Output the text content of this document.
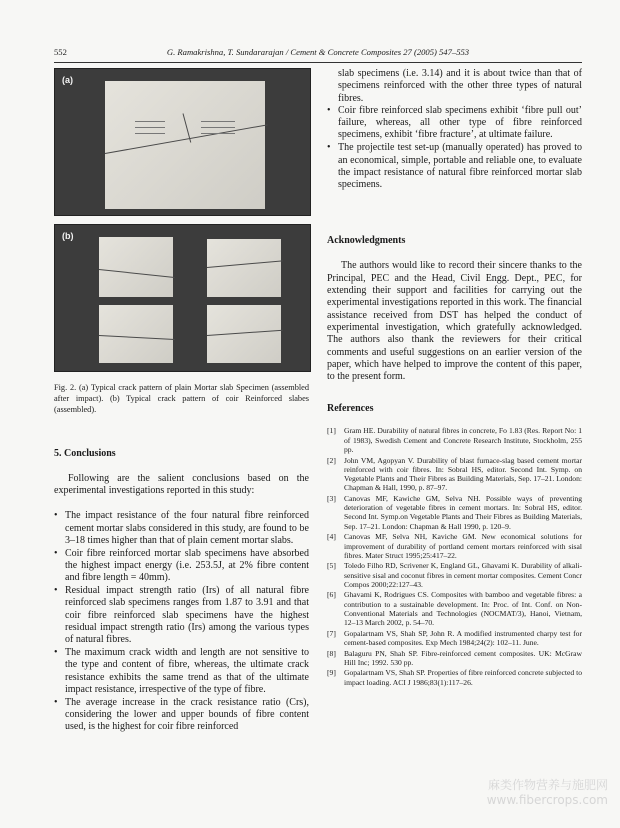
552	G. Ramakrishna, T. Sundararajan / Cement & Concrete Composites 27 (2005) 547–553
(a)
(b)
Fig. 2. (a) Typical crack pattern of plain Mortar slab Specimen (assembled after impact). (b) Typical crack pattern of coir Reinforced slabes (assembled).
5. Conclusions

Following are the salient conclusions based on the experimental investigations reported in this study:

• The impact resistance of the four natural fibre reinforced cement mortar slabs considered in this study, are found to be 3–18 times higher than that of plain cement mortar slabs.
• Coir fibre reinforced mortar slab specimens have absorbed the highest impact energy (i.e. 253.5J, at 2% fibre content and fibre length = 40mm).
• Residual impact strength ratio (Irs) of all natural fibre reinforced slab specimens ranges from 1.87 to 3.91 and that coir fibre reinforced slab specimens have the highest residual impact strength ratio (Irs) among the various types of natural fibres.
• The maximum crack width and length are not sensitive to the type and content of fibre, whereas, the ultimate crack resistance exhibits the same trend as that of the ultimate impact resistance, irrespective of the type of fibre.
• The average increase in the crack resistance ratio (Crs), considering the lower and upper bounds of fibre content used, is the highest for coir fibre reinforced
slab specimens (i.e. 3.14) and it is about twice than that of specimens reinforced with the other three types of natural fibres.
• Coir fibre reinforced slab specimens exhibit ‘fibre pull out’ failure, whereas, all other type of fibre reinforced specimens, exhibit ‘fibre fracture’, at ultimate failure.
• The projectile test set-up (manually operated) has proved to an economical, simple, portable and reliable one, to evaluate the impact resistance of natural fibre reinforced mortar slab specimens.
Acknowledgments

The authors would like to record their sincere thanks to the Principal, PEC and the Head, Civil Engg. Dept., PEC, for extending their support and facilities for carrying out the experimental investigations reported in this work. The financial assistance received from DST has helped the conduct of experimental investigation, which gratefully acknowledged. The authors also thank the reviewers for their critical comments and useful suggestions on an earlier version of the paper, which have helped to improve the content of this paper, to the present form.

References
[1] Gram HE. Durability of natural fibres in concrete, Fo 1.83 (Res. Report No: 1 of 1983), Swedish Cement and Concrete Research Institute, Stockholm, 255 pp.
[2] John VM, Agopyan V. Durability of blast furnace-slag based cement mortar reinforced with coir fibres. In: Sobral HS, editor. Second Int. Symp. on Vegetable Plants and Their Fibres as Building Materials, Sep. 17–21. London: Chapman & Hall, 1990, p. 87–97.
[3] Canovas MF, Kawiche GM, Selva NH. Possible ways of preventing deterioration of vegetable fibres in cement mortars. In: Sobral HS, editor. Second Int. Symp.on Vegetable Plants and Their Fibres as Building Materials, Sep. 17–21. London: Chapman & Hall 1990, p. 120–9.
[4] Canovas MF, Selva NH, Kaviche GM. New economical solutions for improvement of durability of portland cement mortars reinforced with sisal fibres. Mater Struct 1995;25:417–22.
[5] Toledo Filho RD, Scrivener K, England GL, Ghavami K. Durability of alkali-sensitive sisal and coconut fibres in cement mortar composites. Cement Concr Compos 2000;22:127–43.
[6] Ghavami K, Rodrigues CS. Composites with bamboo and vegetable fibres: a contribution to a sustainable development. In: Proc. of Int. Conf. on Non-Conventional Materials and Technologies (NOCMAT/3), Hanoi, Vietnam, 12–13 March 2002, p. 54–70.
[7] Gopalartnam VS, Shah SP, John R. A modified instrumented charpy test for cement-based composites. Exp Mech 1984;24(2): 102–11. June.
[8] Balaguru PN, Shah SP. Fibre-reinforced cement composites. UK: McGraw Hill Inc; 1992. 530 pp.
[9] Gopalartnam VS, Shah SP. Properties of fibre reinforced concrete subjected to impact loading. ACI J 1986;83(1):117–26.
麻类作物营养与施肥网
www.fibercrops.com
